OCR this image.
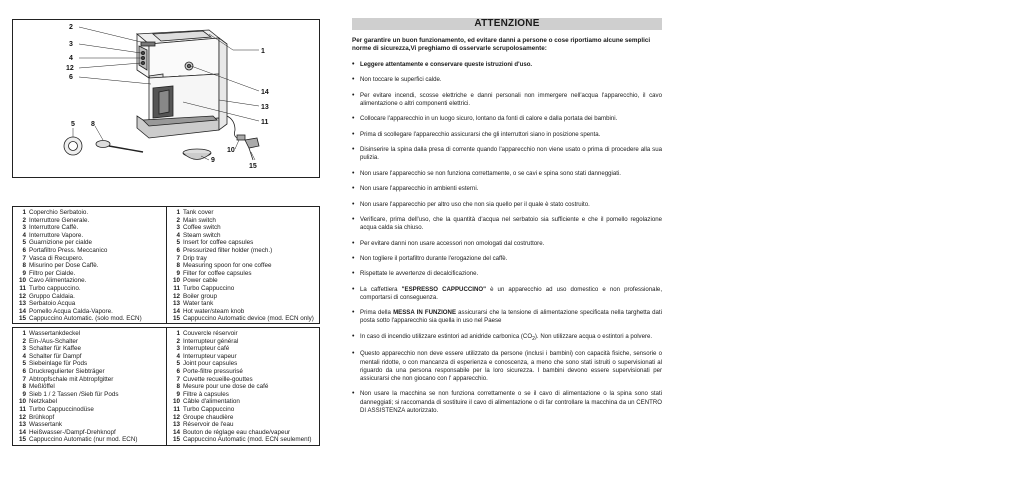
2
3
4
12
6
1
14
13
11
5 8
9
10
15
1 Coperchio Serbatoio.
2 Interruttore Generale.
3 Interruttore Caffè.
4 Interruttore Vapore.
5 Guarnizione per cialde
6 Portafiltro Press. Meccanico
7 Vasca di Recupero.
8 Misurino per Dose Caffè.
9 Filtro per Cialde.
10 Cavo Alimentazione.
11 Turbo cappuccino.
12 Gruppo Caldaia.
13 Serbatoio Acqua
14 Pomello Acqua Calda-Vapore.
15 Cappuccino Automatic. (solo mod. ECN)
1 Tank cover
2 Main switch
3 Coffee switch
4 Steam switch
5 Insert for coffee capsules
6 Pressurized filter holder (mech.)
7 Drip tray
8 Measuring spoon for one coffee
9 Filter for coffee capsules
10 Power cable
11 Turbo Cappuccino
12 Boiler group
13 Water tank
14 Hot water/steam knob
15 Cappuccino Automatic device (mod. ECN only)
1 Wassertankdeckel
2 Ein-/Aus-Schalter
3 Schalter für Kaffee
4 Schalter für Dampf
5 Siebeinlage für Pods
6 Druckregulierter Siebträger
7 Abtropfschale mit Abtropfgitter
8 Meßlöffel
9 Sieb 1 / 2 Tassen /Sieb für Pods
10 Netzkabel
11 Turbo Cappuccinodüse
12 Brühkopf
13 Wassertank
14 Heißwasser-/Dampf-Drehknopf
15 Cappuccino Automatic (nur mod. ECN)
1 Couvercle réservoir
2 Interrupteur général
3 Interrupteur café
4 Interrupteur vapeur
5 Joint pour capsules
6 Porte-filtre pressurisé
7 Cuvette recueille-gouttes
8 Mesure pour une dose de café
9 Filtre à capsules
10 Câble d'alimentation
11 Turbo Cappuccino
12 Groupe chaudière
13 Réservoir de l'eau
14 Bouton de réglage eau chaude/vapeur
15 Cappuccino Automatic (mod. ECN seulement)
ATTENZIONE
Per garantire un buon funzionamento, ed evitare danni a persone o cose riportiamo alcune semplici norme di sicurezza,Vi preghiamo di osservarle scrupolosamente:
• Leggere attentamente e conservare queste istruzioni d'uso.
• Non toccare le superfici calde.
• Per evitare incendi, scosse elettriche e danni personali non immergere nell'acqua l'apparecchio, il cavo alimentazione o altri componenti elettrici.
• Collocare l'apparecchio in un luogo sicuro, lontano da fonti di calore e dalla portata dei bambini.
• Prima di scollegare l'apparecchio assicurarsi che gli interruttori siano in posizione spenta.
• Disinserire la spina dalla presa di corrente quando l'apparecchio non viene usato o prima di procedere alla sua pulizia.
• Non usare l'apparecchio se non funziona correttamente, o se cavi e spina sono stati danneggiati.
• Non usare l'apparecchio in ambienti esterni.
• Non usare l'apparecchio per altro uso che non sia quello per il quale è stato costruito.
• Verificare, prima dell'uso, che la quantità d'acqua nel serbatoio sia sufficiente e che il pomello regolazione acqua calda sia chiuso.
• Per evitare danni non usare accessori non omologati dal costruttore.
• Non togliere il portafiltro durante l'erogazione del caffè.
• Rispettate le avvertenze di decalcificazione.
• La caffettiera "ESPRESSO CAPPUCCINO" è un apparecchio ad uso domestico e non professionale, comportarsi di conseguenza.
• Prima della MESSA IN FUNZIONE assicurarsi che la tensione di alimentazione specificata nella targhetta dati posta sotto l'apparecchio sia quella in uso nel Paese
• In caso di incendio utilizzare estintori ad anidride carbonica $(CO_2)$. Non utilizzare acqua o estintori a polvere.
• Questo apparecchio non deve essere utilizzato da persone (inclusi i bambini) con capacità fisiche, sensorie o mentali ridotte, o con mancanza di esperienza e conoscenza, a meno che sono stati istruiti o supervisionati al riguardo da una persona responsabile per la loro sicurezza. I bambini devono essere supervisionati per assicurarsi che non giocano con l' apparecchio.
• Non usare la macchina se non funziona correttamente o se il cavo di alimentazione o la spina sono stati danneggiati; si raccomanda di sostituire il cavo di alimentazione o di far controllare la macchina da un CENTRO DI ASSISTENZA autorizzato.
